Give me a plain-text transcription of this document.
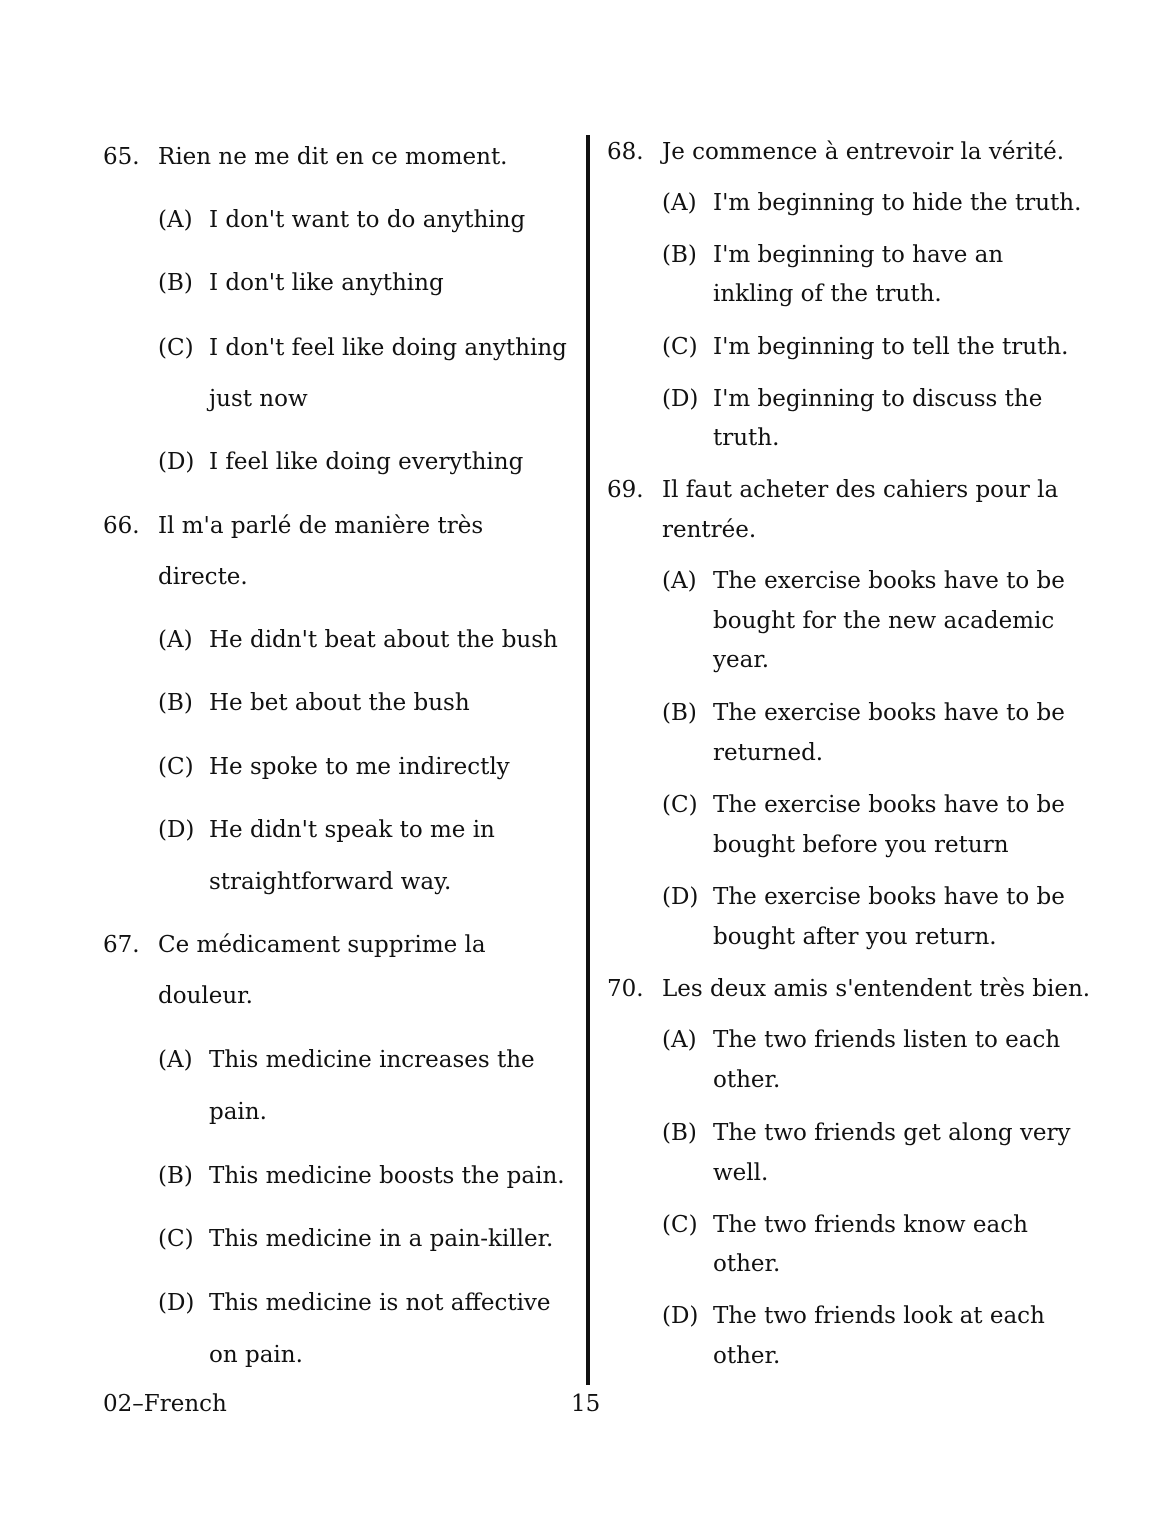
65. Rien ne me dit en ce moment.
(A) I don't want to do anything
(B) I don't like anything
(C) I don't feel like doing anything
just now
(D) I feel like doing everything
66. Il m'a parlé de manière très
directe.
(A) He didn't beat about the bush
(B) He bet about the bush
(C) He spoke to me indirectly
(D) He didn't speak to me in
straightforward way.
67. Ce médicament supprime la
douleur.
(A) This medicine increases the
pain.
(B) This medicine boosts the pain.
(C) This medicine in a pain-killer.
(D) This medicine is not affective
on pain.
68. Je commence à entrevoir la vérité.
(A) I'm beginning to hide the truth.
(B) I'm beginning to have an
inkling of the truth.
(C) I'm beginning to tell the truth.
(D) I'm beginning to discuss the
truth.
69. Il faut acheter des cahiers pour la
rentrée.
(A) The exercise books have to be
bought for the new academic
year.
(B) The exercise books have to be
returned.
(C) The exercise books have to be
bought before you return
(D) The exercise books have to be
bought after you return.
70. Les deux amis s'entendent très bien.
(A) The two friends listen to each
other.
(B) The two friends get along very
well.
(C) The two friends know each
other.
(D) The two friends look at each
other.
02–French	15
